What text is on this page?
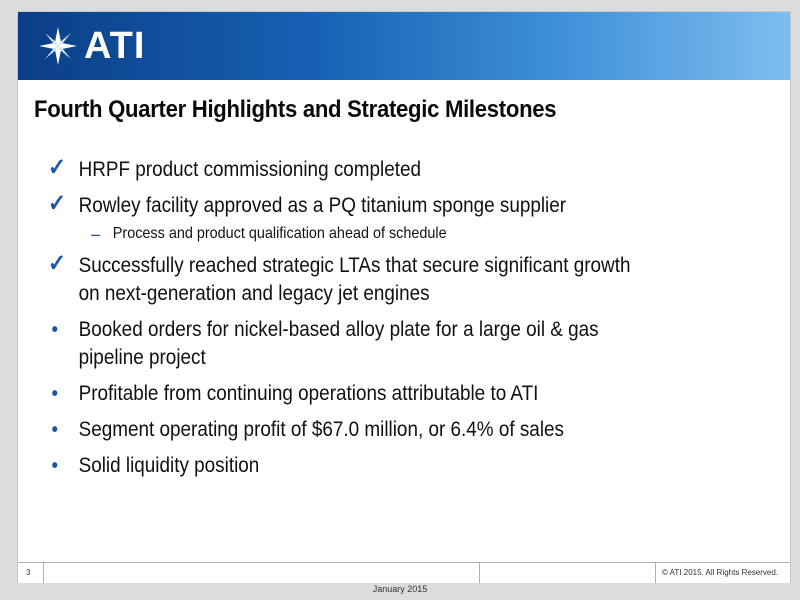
ATI
Fourth Quarter Highlights and Strategic Milestones
✓ HRPF product commissioning completed
✓ Rowley facility approved as a PQ titanium sponge supplier
– Process and product qualification ahead of schedule
✓ Successfully reached strategic LTAs that secure significant growth
on next-generation and legacy jet engines
• Booked orders for nickel-based alloy plate for a large oil & gas
pipeline project
• Profitable from continuing operations attributable to ATI
• Segment operating profit of $67.0 million, or 6.4% of sales
• Solid liquidity position
3	© ATI 2015. All Rights Reserved.
January 2015
